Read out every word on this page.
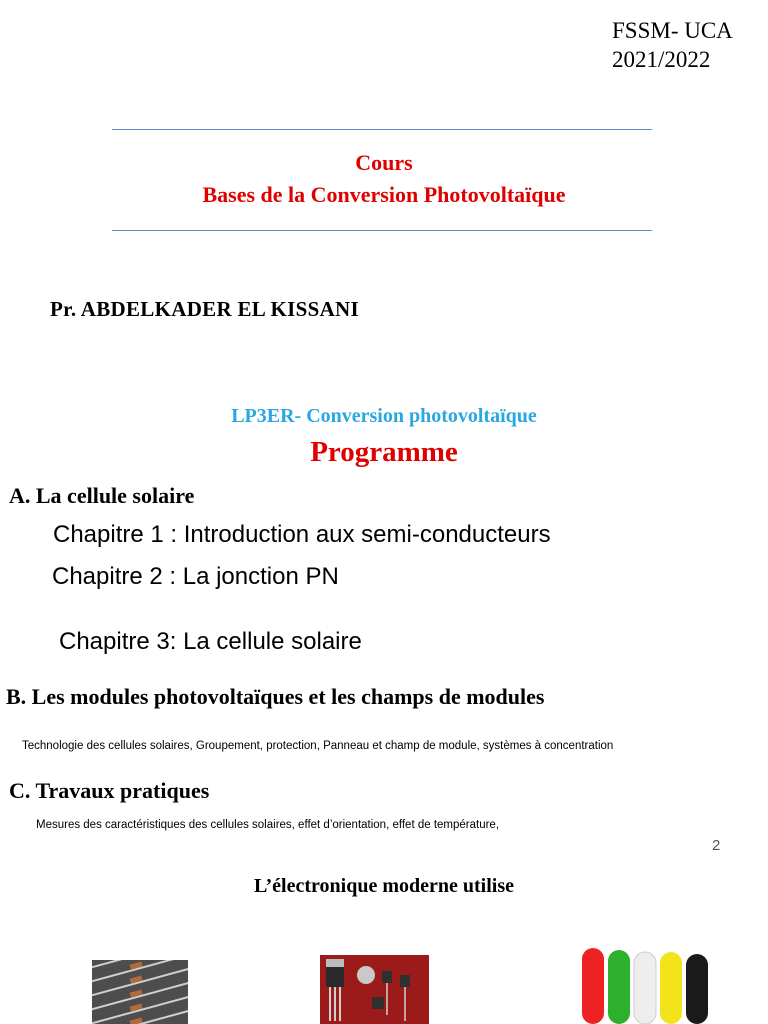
FSSM- UCA
2021/2022
Cours
Bases de la Conversion Photovoltaïque
Pr. ABDELKADER EL KISSANI
LP3ER- Conversion photovoltaïque
Programme
A. La cellule solaire
Chapitre 1 : Introduction aux semi-conducteurs
Chapitre 2 : La jonction PN
Chapitre 3: La cellule solaire
B. Les modules photovoltaïques et les champs de modules
Technologie des cellules solaires, Groupement, protection, Panneau et champ de module, systèmes à concentration
C. Travaux pratiques
Mesures des caractéristiques des cellules solaires, effet d’orientation, effet de température,
2
L’électronique moderne utilise
